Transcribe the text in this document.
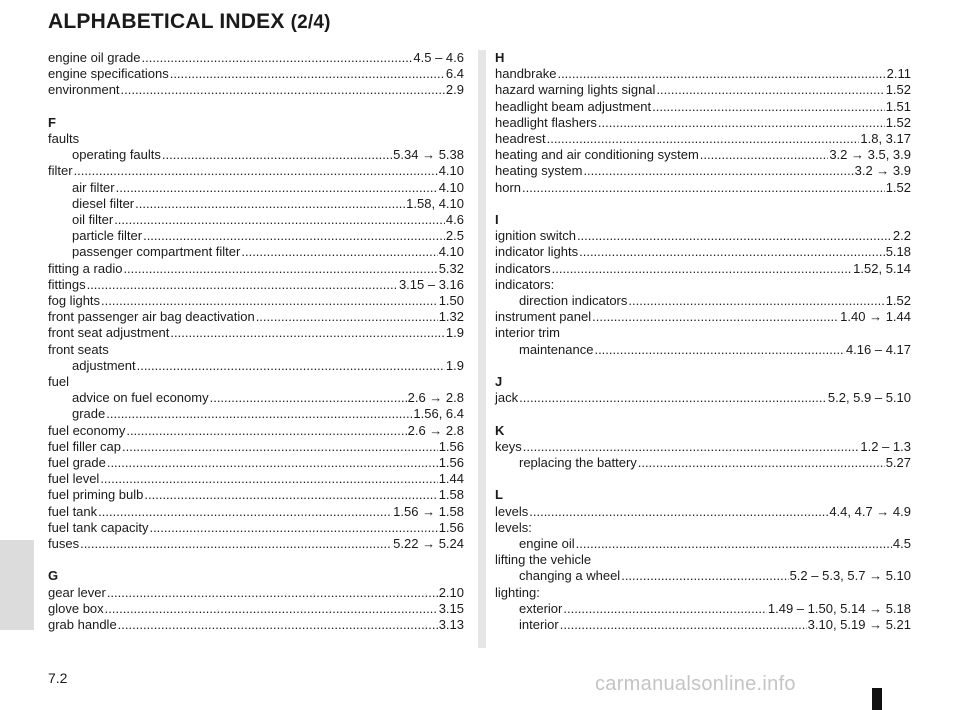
ALPHABETICAL INDEX (2/4)
engine oil grade .....	4.5 – 4.6
engine specifications .....	6.4
environment .....	2.9
F
faults
operating faults .....	5.34 → 5.38
filter .....	4.10
air filter .....	4.10
diesel filter .....	1.58, 4.10
oil filter .....	4.6
particle filter .....	2.5
passenger compartment filter .....	4.10
fitting a radio .....	5.32
fittings .....	3.15 – 3.16
fog lights .....	1.50
front passenger air bag deactivation .....	1.32
front seat adjustment .....	1.9
front seats
adjustment .....	1.9
fuel
advice on fuel economy .....	2.6 → 2.8
grade .....	1.56, 6.4
fuel economy .....	2.6 → 2.8
fuel filler cap .....	1.56
fuel grade .....	1.56
fuel level .....	1.44
fuel priming bulb .....	1.58
fuel tank .....	1.56 → 1.58
fuel tank capacity .....	1.56
fuses .....	5.22 → 5.24
G
gear lever .....	2.10
glove box .....	3.15
grab handle .....	3.13
H
handbrake .....	2.11
hazard warning lights signal .....	1.52
headlight beam adjustment .....	1.51
headlight flashers .....	1.52
headrest .....	1.8, 3.17
heating and air conditioning system .....	3.2 → 3.5, 3.9
heating system .....	3.2 → 3.9
horn .....	1.52
I
ignition switch .....	2.2
indicator lights .....	5.18
indicators .....	1.52, 5.14
indicators:
direction indicators .....	1.52
instrument panel .....	1.40 → 1.44
interior trim
maintenance .....	4.16 – 4.17
J
jack .....	5.2, 5.9 – 5.10
K
keys .....	1.2 – 1.3
replacing the battery .....	5.27
L
levels .....	4.4, 4.7 → 4.9
levels:
engine oil .....	4.5
lifting the vehicle
changing a wheel .....	5.2 – 5.3, 5.7 → 5.10
lighting:
exterior .....	1.49 – 1.50, 5.14 → 5.18
interior .....	3.10, 5.19 → 5.21
7.2	carmanualsonline.info
